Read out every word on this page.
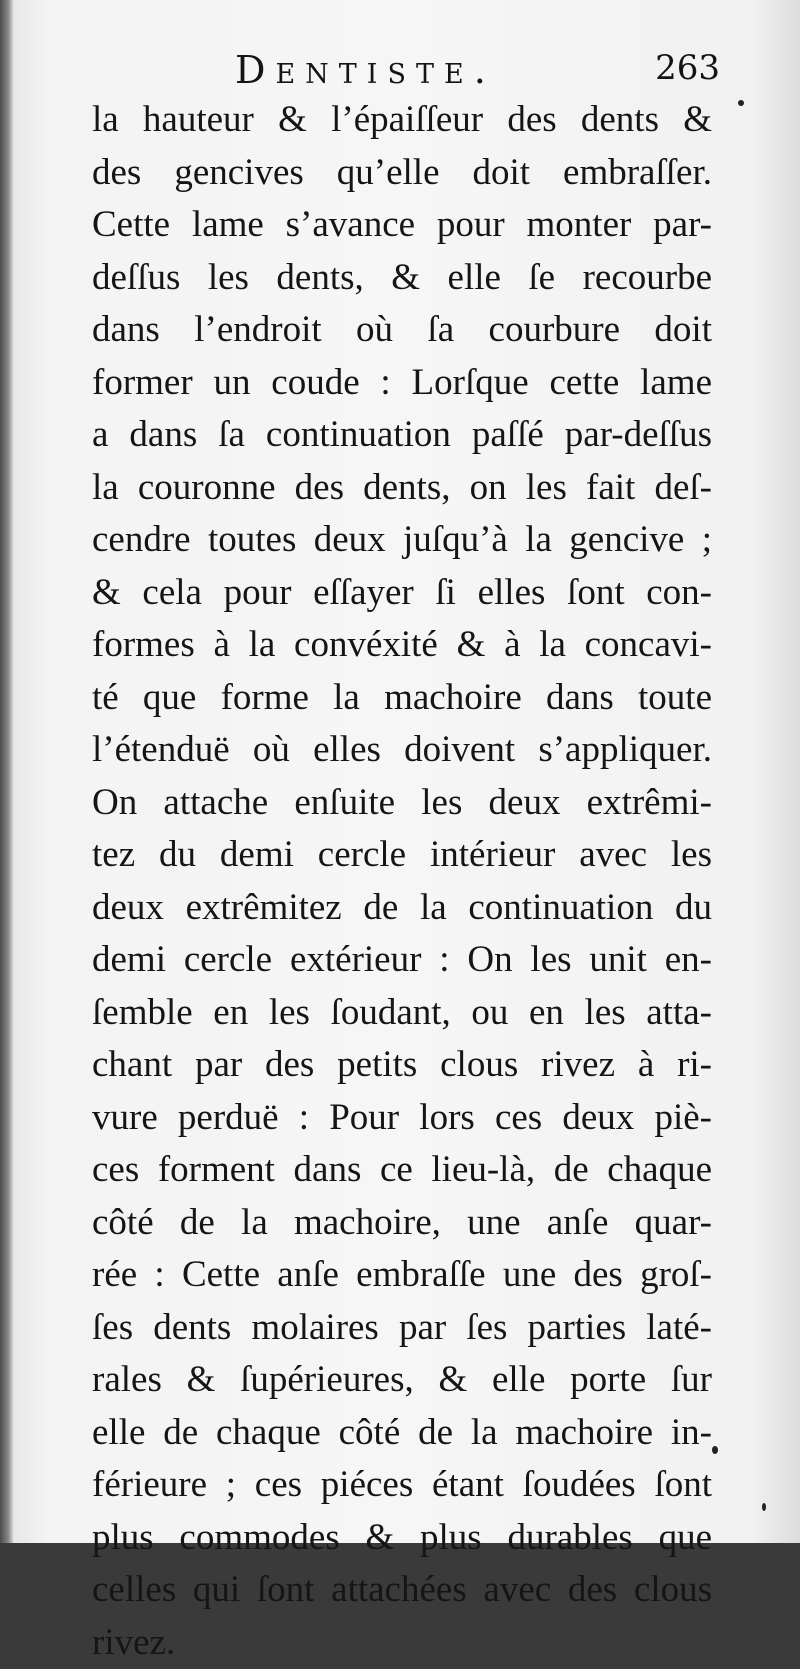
Dentiste.	263
la hauteur & l’épaiſſeur des dents &
des gencives qu’elle doit embraſſer.
Cette lame s’avance pour monter par-
deſſus les dents, & elle ſe recourbe
dans l’endroit où ſa courbure doit
former un coude : Lorſque cette lame
a dans ſa continuation paſſé par-deſſus
la couronne des dents, on les fait deſ-
cendre toutes deux juſqu’à la gencive ;
& cela pour eſſayer ſi elles ſont con-
formes à la convéxité & à la concavi-
té que forme la machoire dans toute
l’étenduë où elles doivent s’appliquer.
On attache enſuite les deux extrêmi-
tez du demi cercle intérieur avec les
deux extrêmitez de la continuation du
demi cercle extérieur : On les unit en-
ſemble en les ſoudant, ou en les atta-
chant par des petits clous rivez à ri-
vure perduë : Pour lors ces deux piè-
ces forment dans ce lieu-là, de chaque
côté de la machoire, une anſe quar-
rée : Cette anſe embraſſe une des groſ-
ſes dents molaires par ſes parties laté-
rales & ſupérieures, & elle porte ſur
elle de chaque côté de la machoire in-
férieure ; ces piéces étant ſoudées ſont
plus commodes & plus durables que
celles qui ſont attachées avec des clous
rivez.
